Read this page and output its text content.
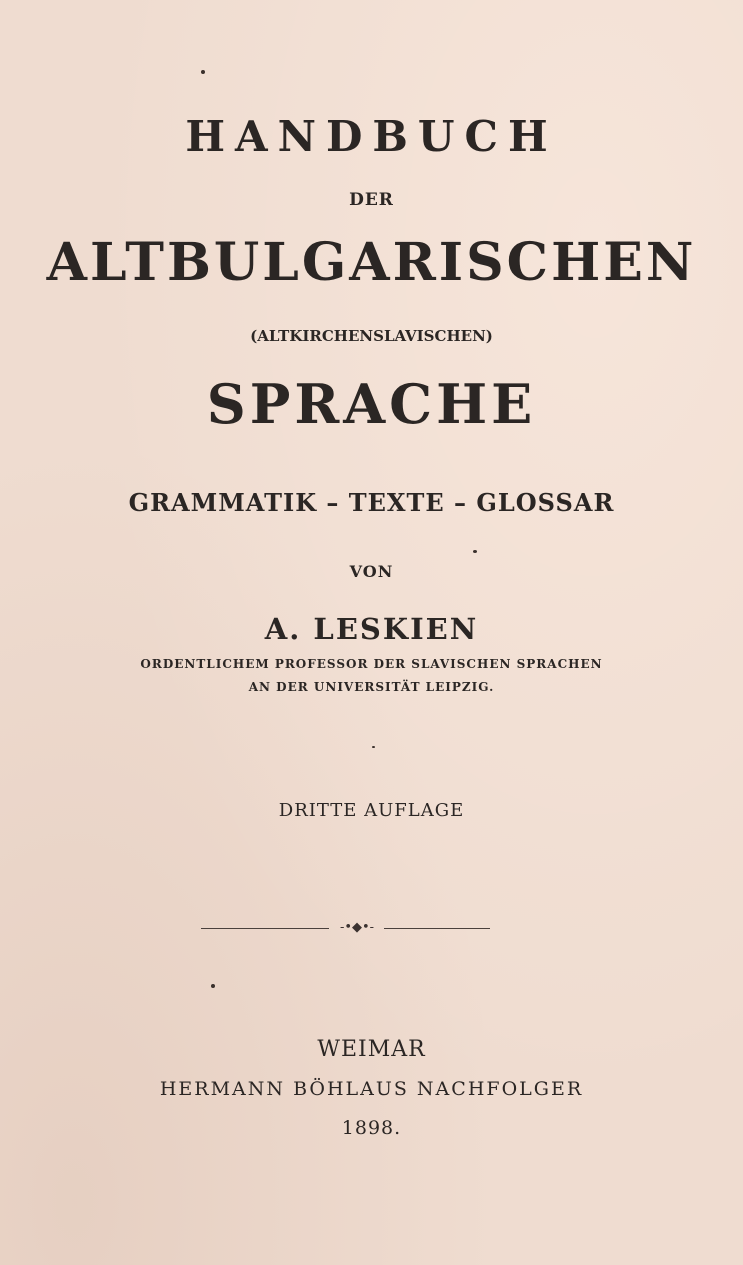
HANDBUCH
DER
ALTBULGARISCHEN
(ALTKIRCHENSLAVISCHEN)
SPRACHE
GRAMMATIK – TEXTE – GLOSSAR
VON
A. LESKIEN
ORDENTLICHEM PROFESSOR DER SLAVISCHEN SPRACHEN
AN DER UNIVERSITÄT LEIPZIG.
DRITTE AUFLAGE
-•◆•-
WEIMAR
HERMANN BÖHLAUS NACHFOLGER
1898.
